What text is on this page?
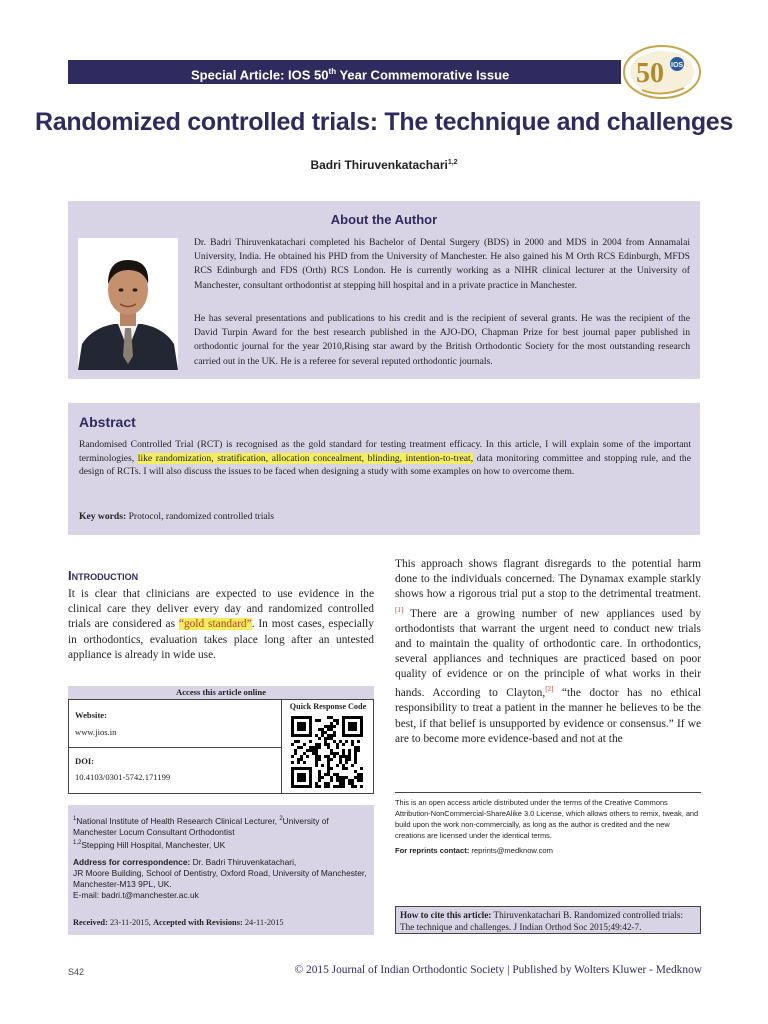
Special Article: IOS 50th Year Commemorative Issue	50 IOS
Randomized controlled trials: The technique and challenges
Badri Thiruvenkatachari$^{1,2}$
About the Author
Dr. Badri Thiruvenkatachari completed his Bachelor of Dental Surgery (BDS) in 2000 and MDS in 2004 from Annamalai University, India. He obtained his PHD from the University of Manchester. He also gained his M Orth RCS Edinburgh, MFDS RCS Edinburgh and FDS (Orth) RCS London. He is currently working as a NIHR clinical lecturer at the University of Manchester, consultant orthodontist at stepping hill hospital and in a private practice in Manchester.
He has several presentations and publications to his credit and is the recipient of several grants. He was the recipient of the David Turpin Award for the best research published in the AJO-DO, Chapman Prize for best journal paper published in orthodontic journal for the year 2010,Rising star award by the British Orthodontic Society for the most outstanding research carried out in the UK. He is a referee for several reputed orthodontic journals.
Abstract
Randomised Controlled Trial (RCT) is recognised as the gold standard for testing treatment efficacy. In this article, I will explain some of the important terminologies, like randomization, stratification, allocation concealment, blinding, intention-to-treat, data monitoring committee and stopping rule, and the design of RCTs. I will also discuss the issues to be faced when designing a study with some examples on how to overcome them.
Key words: Protocol, randomized controlled trials
Introduction
It is clear that clinicians are expected to use evidence in the clinical care they deliver every day and randomized controlled trials are considered as “gold standard”. In most cases, especially in orthodontics, evaluation takes place long after an untested appliance is already in wide use.
This approach shows flagrant disregards to the potential harm done to the individuals concerned. The Dynamax example starkly shows how a rigorous trial put a stop to the detrimental treatment.[1] There are a growing number of new appliances used by orthodontists that warrant the urgent need to conduct new trials and to maintain the quality of orthodontic care. In orthodontics, several appliances and techniques are practiced based on poor quality of evidence or on the principle of what works in their hands. According to Clayton,[2] “the doctor has no ethical responsibility to treat a patient in the manner he believes to be the best, if that belief is unsupported by evidence or consensus.” If we are to become more evidence-based and not at the
Access this article online
Website:
www.jios.in
DOI:
10.4103/0301-5742.171199
Quick Response Code
$^1$National Institute of Health Research Clinical Lecturer, $^2$University of Manchester Locum Consultant Orthodontist
$^{1,2}$Stepping Hill Hospital, Manchester, UK
Address for correspondence: Dr. Badri Thiruvenkatachari,
JR Moore Building, School of Dentistry, Oxford Road, University of Manchester, Manchester-M13 9PL, UK.
E-mail: badri.t@manchester.ac.uk
Received: 23-11-2015, Accepted with Revisions: 24-11-2015
This is an open access article distributed under the terms of the Creative Commons Attribution-NonCommercial-ShareAlike 3.0 License, which allows others to remix, tweak, and build upon the work non-commercially, as long as the author is credited and the new creations are licensed under the identical terms.
For reprints contact: reprints@medknow.com
How to cite this article: Thiruvenkatachari B. Randomized controlled trials: The technique and challenges. J Indian Orthod Soc 2015;49:42-7.
S42	© 2015 Journal of Indian Orthodontic Society | Published by Wolters Kluwer - Medknow
